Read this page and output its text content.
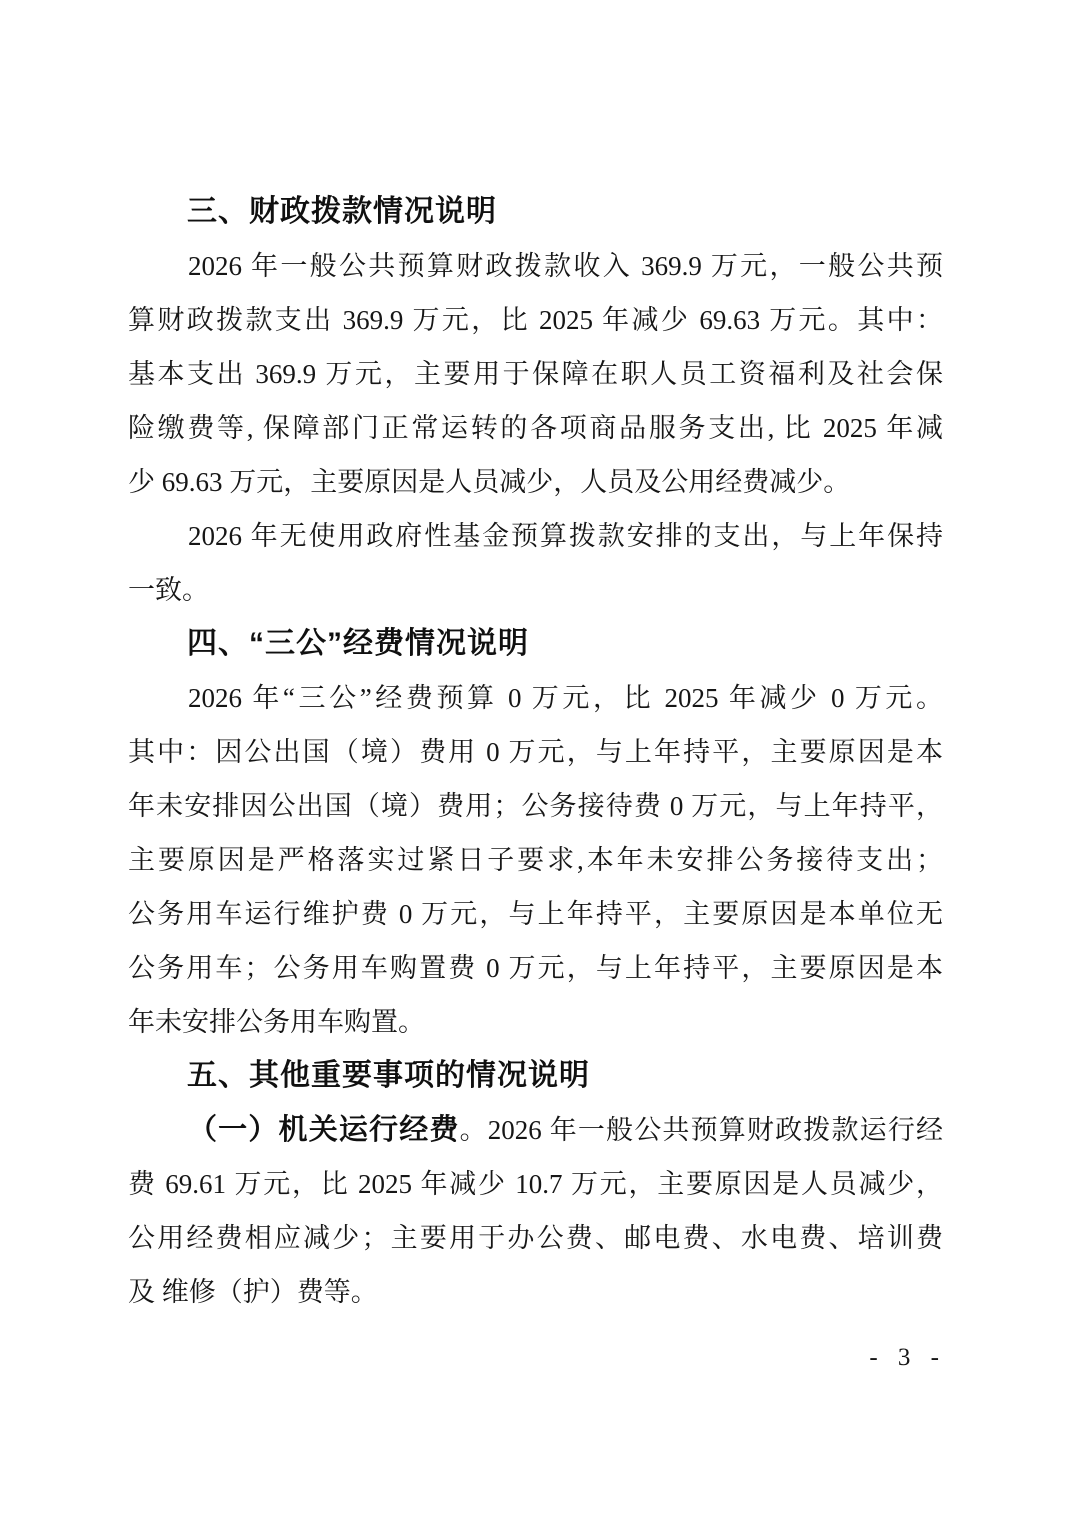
三、财政拨款情况说明
2026 年一般公共预算财政拨款收入 369.9 万元，一般公共预
算财政拨款支出 369.9 万元，比 2025 年减少 69.63 万元。其中：
基本支出 369.9 万元，主要用于保障在职人员工资福利及社会保
险缴费等, 保障部门正常运转的各项商品服务支出, 比 2025 年减
少 69.63 万元，主要原因是人员减少，人员及公用经费减少。
2026 年无使用政府性基金预算拨款安排的支出，与上年保持
一致。
四、“三公”经费情况说明
2026 年“三公”经费预算 0 万元，比 2025 年减少 0 万元。
其中：因公出国（境）费用 0 万元，与上年持平，主要原因是本
年未安排因公出国（境）费用；公务接待费 0 万元，与上年持平，
主要原因是严格落实过紧日子要求,本年未安排公务接待支出；
公务用车运行维护费 0 万元，与上年持平，主要原因是本单位无
公务用车；公务用车购置费 0 万元，与上年持平，主要原因是本
年未安排公务用车购置。
五、其他重要事项的情况说明
（一）机关运行经费。2026 年一般公共预算财政拨款运行经
费 69.61 万元，比 2025 年减少 10.7 万元，主要原因是人员减少，
公用经费相应减少；主要用于办公费、邮电费、水电费、培训费
及 维修（护）费等。
- 3 -
